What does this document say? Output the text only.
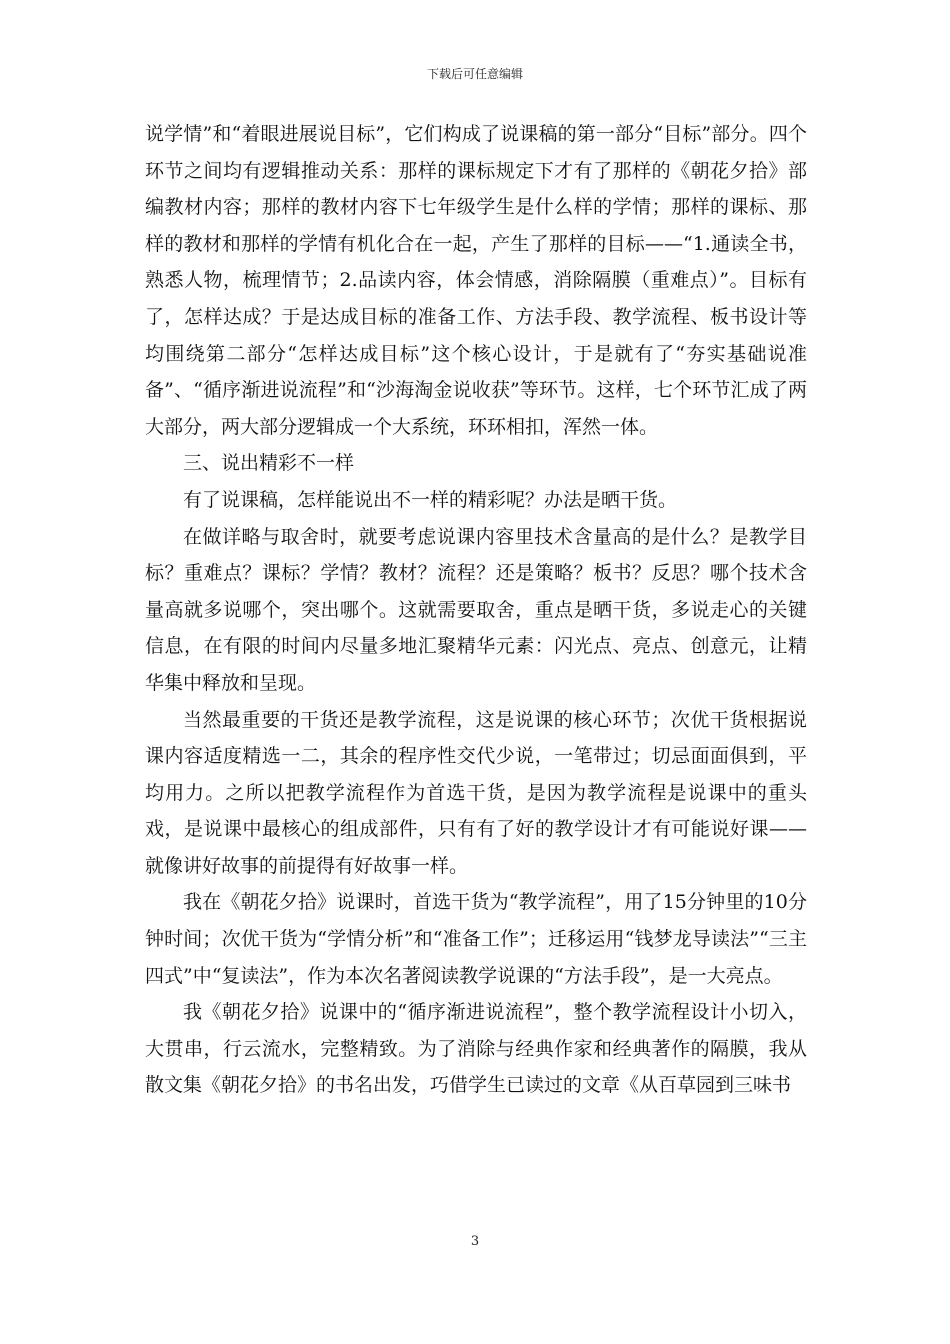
下载后可任意编辑

说学情”和“着眼进展说目标”，它们构成了说课稿的第一部分“目标”部分。四个环节之间均有逻辑推动关系：那样的课标规定下才有了那样的《朝花夕拾》部编教材内容；那样的教材内容下七年级学生是什么样的学情；那样的课标、那样的教材和那样的学情有机化合在一起，产生了那样的目标——“1.通读全书，熟悉人物，梳理情节；2.品读内容，体会情感，消除隔膜（重难点）”。目标有了，怎样达成？于是达成目标的准备工作、方法手段、教学流程、板书设计等均围绕第二部分“怎样达成目标”这个核心设计，于是就有了“夯实基础说准备”、“循序渐进说流程”和“沙海淘金说收获”等环节。这样，七个环节汇成了两大部分，两大部分逻辑成一个大系统，环环相扣，浑然一体。

三、说出精彩不一样

有了说课稿，怎样能说出不一样的精彩呢？办法是晒干货。

在做详略与取舍时，就要考虑说课内容里技术含量高的是什么？是教学目标？重难点？课标？学情？教材？流程？还是策略？板书？反思？哪个技术含量高就多说哪个，突出哪个。这就需要取舍，重点是晒干货，多说走心的关键信息，在有限的时间内尽量多地汇聚精华元素：闪光点、亮点、创意元，让精华集中释放和呈现。

当然最重要的干货还是教学流程，这是说课的核心环节；次优干货根据说课内容适度精选一二，其余的程序性交代少说，一笔带过；切忌面面俱到，平均用力。之所以把教学流程作为首选干货，是因为教学流程是说课中的重头戏，是说课中最核心的组成部件，只有有了好的教学设计才有可能说好课——就像讲好故事的前提得有好故事一样。

我在《朝花夕拾》说课时，首选干货为“教学流程”，用了15分钟里的10分钟时间；次优干货为“学情分析”和“准备工作”；迁移运用“钱梦龙导读法”“三主四式”中“复读法”，作为本次名著阅读教学说课的“方法手段”，是一大亮点。

我《朝花夕拾》说课中的“循序渐进说流程”，整个教学流程设计小切入，大贯串，行云流水，完整精致。为了消除与经典作家和经典著作的隔膜，我从散文集《朝花夕拾》的书名出发，巧借学生已读过的文章《从百草园到三味书

3
